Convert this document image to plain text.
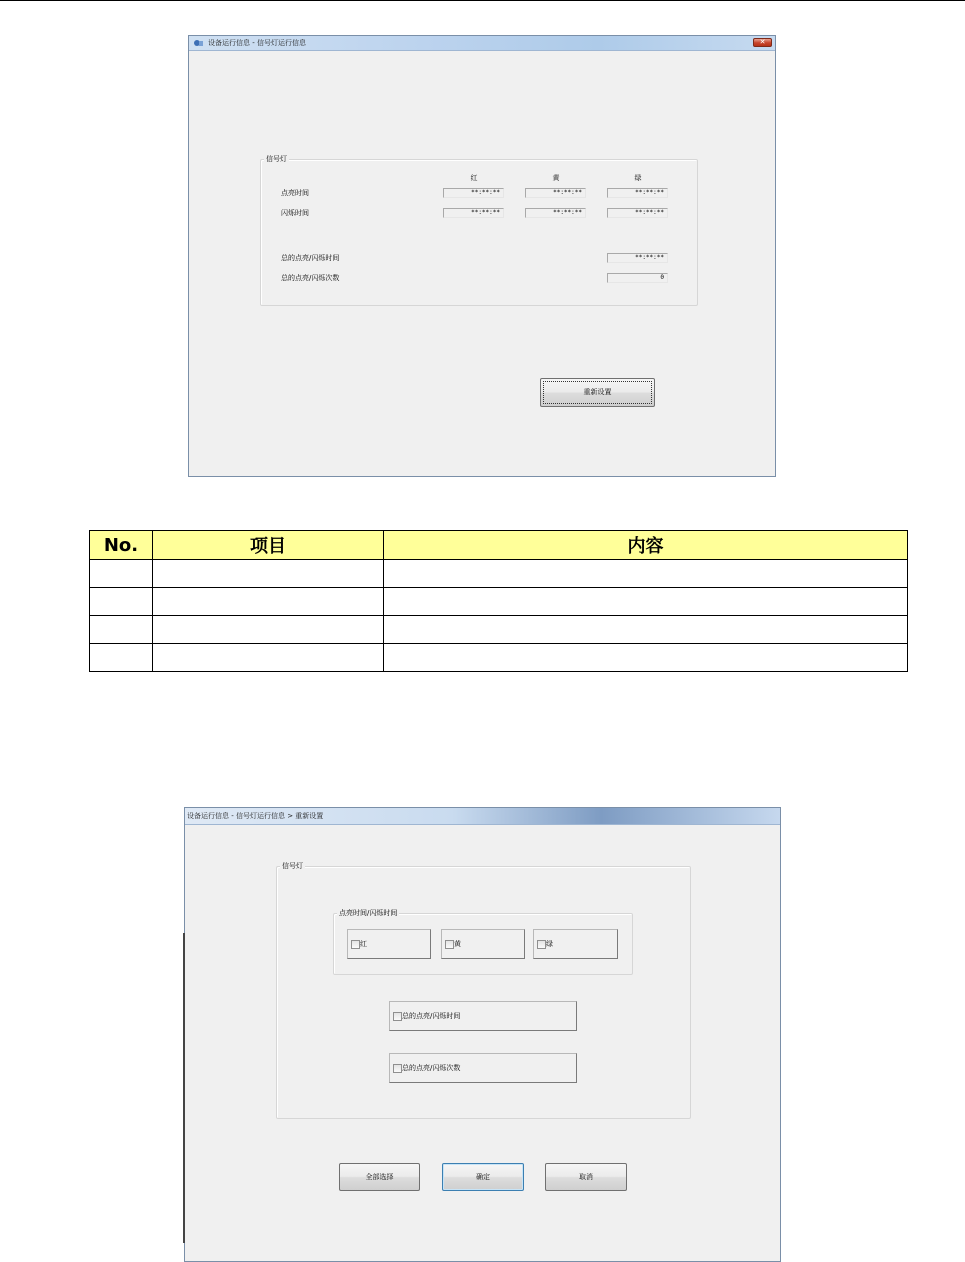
设备运行信息 - 信号灯运行信息	✕
信号灯
红	黄	绿
点亮时间	**:**:**	**:**:**	**:**:**
闪烁时间	**:**:**	**:**:**	**:**:**
总的点亮/闪烁时间	**:**:**
总的点亮/闪烁次数	0
重新设置
No.	项目	内容

设备运行信息 - 信号灯运行信息 > 重新设置
信号灯
点亮时间/闪烁时间
红	黄	绿
总的点亮/闪烁时间
总的点亮/闪烁次数
全部选择	确定	取消
